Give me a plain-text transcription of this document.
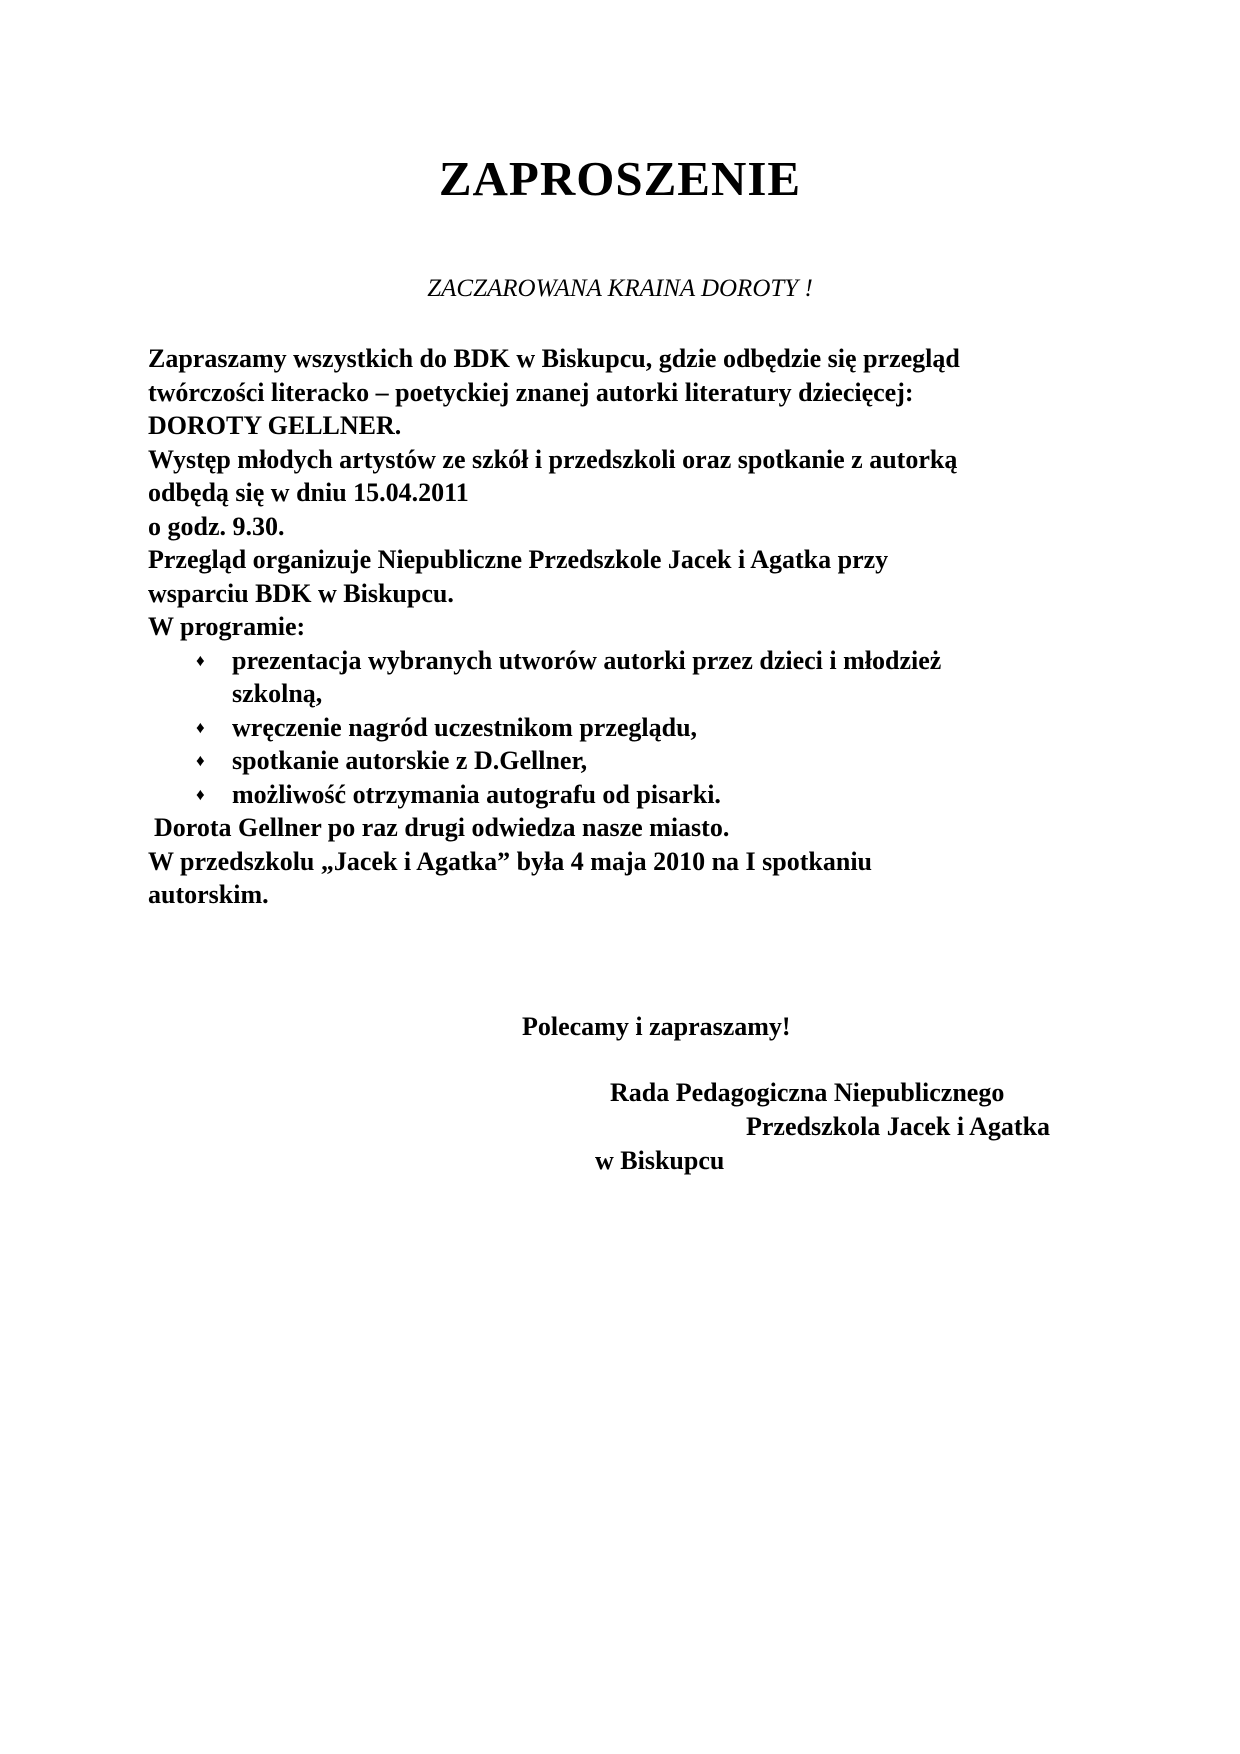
ZAPROSZENIE

ZACZAROWANA KRAINA DOROTY !

Zapraszamy wszystkich do BDK w Biskupcu, gdzie odbędzie się przegląd
twórczości literacko – poetyckiej znanej autorki literatury dziecięcej:
DOROTY GELLNER.
Występ młodych artystów ze szkół i przedszkoli oraz spotkanie z autorką
odbędą się w dniu 15.04.2011
o godz. 9.30.
Przegląd organizuje Niepubliczne Przedszkole Jacek i Agatka przy
wsparciu BDK w Biskupcu.
W programie:
♦ prezentacja wybranych utworów autorki przez dzieci i młodzież
szkolną,
♦ wręczenie nagród uczestnikom przeglądu,
♦ spotkanie autorskie z D.Gellner,
♦ możliwość otrzymania autografu od pisarki.
Dorota Gellner po raz drugi odwiedza nasze miasto.
W przedszkolu „Jacek i Agatka” była 4 maja 2010 na I spotkaniu
autorskim.
Polecamy i zapraszamy!
Rada Pedagogiczna Niepublicznego
Przedszkola Jacek i Agatka
w Biskupcu
